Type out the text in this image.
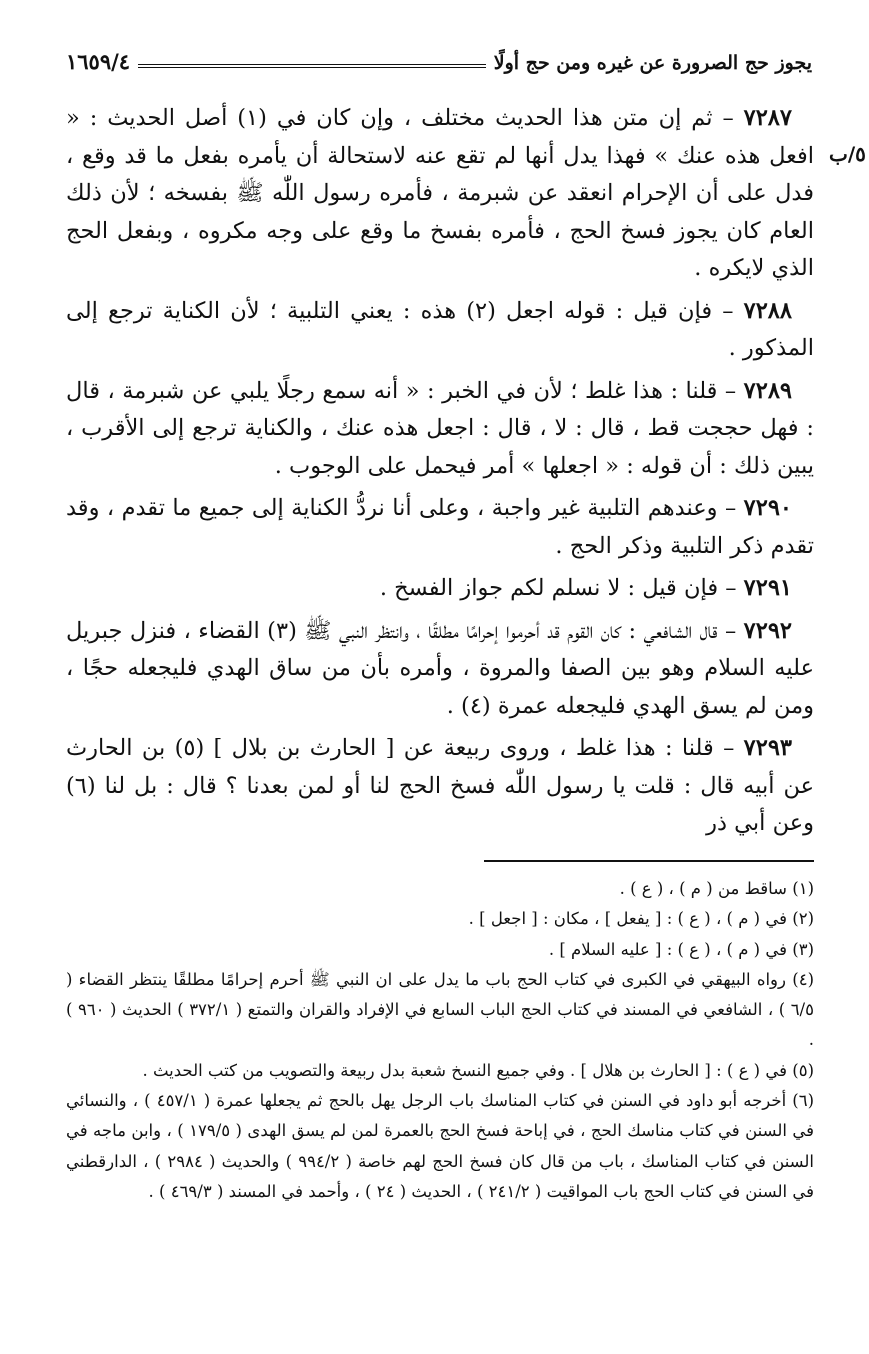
يجوز حج الصرورة عن غيره ومن حج أولًا
١٦٥٩/٤
٥/ب

٧٢٨٧ – ثم إن متن هذا الحديث مختلف ، وإن كان في (١) أصل الحديث : « افعل هذه عنك » فهذا يدل أنها لم تقع عنه لاستحالة أن يأمره بفعل ما قد وقع ، فدل على أن الإحرام انعقد عن شبرمة ، فأمره رسول اللّٰه ﷺ بفسخه ؛ لأن ذلك العام كان يجوز فسخ الحج ، فأمره بفسخ ما وقع على وجه مكروه ، وبفعل الحج الذي لايكره .

٧٢٨٨ – فإن قيل : قوله اجعل (٢) هذه : يعني التلبية ؛ لأن الكناية ترجع إلى المذكور .

٧٢٨٩ – قلنا : هذا غلط ؛ لأن في الخبر : « أنه سمع رجلًا يلبي عن شبرمة ، قال : فهل حججت قط ، قال : لا ، قال : اجعل هذه عنك ، والكناية ترجع إلى الأقرب ، يبين ذلك : أن قوله : « اجعلها » أمر فيحمل على الوجوب .

٧٢٩٠ – وعندهم التلبية غير واجبة ، وعلى أنا نردُّ الكناية إلى جميع ما تقدم ، وقد تقدم ذكر التلبية وذكر الحج .

٧٢٩١ – فإن قيل : لا نسلم لكم جواز الفسخ .

٧٢٩٢ – قال الشافعي : كان القوم قد أحرموا إحرامًا مطلقًا ، وانتظر النبي ﷺ (٣) القضاء ، فنزل جبريل عليه السلام وهو بين الصفا والمروة ، وأمره بأن من ساق الهدي فليجعله حجًا ، ومن لم يسق الهدي فليجعله عمرة (٤) .

٧٢٩٣ – قلنا : هذا غلط ، وروى ربيعة عن [ الحارث بن بلال ] (٥) بن الحارث عن أبيه قال : قلت يا رسول اللّٰه فسخ الحج لنا أو لمن بعدنا ؟ قال : بل لنا (٦) وعن أبي ذر

(١) ساقط من ( م ) ، ( ع ) .

(٢) في ( م ) ، ( ع ) : [ يفعل ] ، مكان : [ اجعل ] .

(٣) في ( م ) ، ( ع ) : [ عليه السلام ] .

(٤) رواه البيهقي في الكبرى في كتاب الحج باب ما يدل على ان النبي ﷺ أحرم إحرامًا مطلقًا ينتظر القضاء ( ٦/٥ ) ، الشافعي في المسند في كتاب الحج الباب السابع في الإفراد والقران والتمتع ( ٣٧٢/١ ) الحديث ( ٩٦٠ ) .

(٥) في ( ع ) : [ الحارث بن هلال ] . وفي جميع النسخ شعبة بدل ربيعة والتصويب من كتب الحديث .

(٦) أخرجه أبو داود في السنن في كتاب المناسك باب الرجل يهل بالحج ثم يجعلها عمرة ( ٤٥٧/١ ) ، والنسائي في السنن في كتاب مناسك الحج ، في إباحة فسخ الحج بالعمرة لمن لم يسق الهدى ( ١٧٩/٥ ) ، وابن ماجه في السنن في كتاب المناسك ، باب من قال كان فسخ الحج لهم خاصة ( ٩٩٤/٢ ) والحديث ( ٢٩٨٤ ) ، الدارقطني في السنن في كتاب الحج باب المواقيت ( ٢٤١/٢ ) ، الحديث ( ٢٤ ) ، وأحمد في المسند ( ٤٦٩/٣ ) .
